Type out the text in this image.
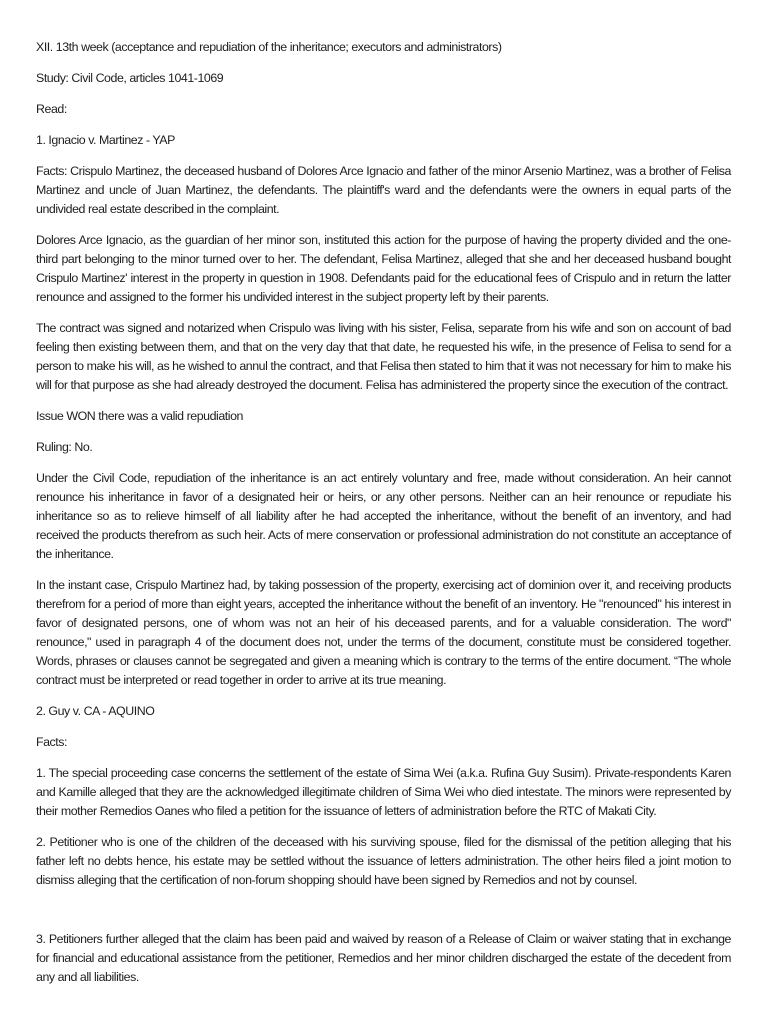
XII. 13th week (acceptance and repudiation of the inheritance; executors and administrators)

Study: Civil Code, articles 1041-1069

Read:

1. Ignacio v. Martinez - YAP

Facts: Crispulo Martinez, the deceased husband of Dolores Arce Ignacio and father of the minor Arsenio Martinez, was a brother of Felisa Martinez and uncle of Juan Martinez, the defendants. The plaintiff's ward and the defendants were the owners in equal parts of the undivided real estate described in the complaint.

Dolores Arce Ignacio, as the guardian of her minor son, instituted this action for the purpose of having the property divided and the one-third part belonging to the minor turned over to her. The defendant, Felisa Martinez, alleged that she and her deceased husband bought Crispulo Martinez' interest in the property in question in 1908. Defendants paid for the educational fees of Crispulo and in return the latter renounce and assigned to the former his undivided interest in the subject property left by their parents.

The contract was signed and notarized when Crispulo was living with his sister, Felisa, separate from his wife and son on account of bad feeling then existing between them, and that on the very day that that date, he requested his wife, in the presence of Felisa to send for a person to make his will, as he wished to annul the contract, and that Felisa then stated to him that it was not necessary for him to make his will for that purpose as she had already destroyed the document. Felisa has administered the property since the execution of the contract.

Issue WON there was a valid repudiation

Ruling: No.

Under the Civil Code, repudiation of the inheritance is an act entirely voluntary and free, made without consideration. An heir cannot renounce his inheritance in favor of a designated heir or heirs, or any other persons. Neither can an heir renounce or repudiate his inheritance so as to relieve himself of all liability after he had accepted the inheritance, without the benefit of an inventory, and had received the products therefrom as such heir. Acts of mere conservation or professional administration do not constitute an acceptance of the inheritance.

In the instant case, Crispulo Martinez had, by taking possession of the property, exercising act of dominion over it, and receiving products therefrom for a period of more than eight years, accepted the inheritance without the benefit of an inventory. He "renounced" his interest in favor of designated persons, one of whom was not an heir of his deceased parents, and for a valuable consideration. The word" renounce," used in paragraph 4 of the document does not, under the terms of the document, constitute must be considered together. Words, phrases or clauses cannot be segregated and given a meaning which is contrary to the terms of the entire document. “The whole contract must be interpreted or read together in order to arrive at its true meaning.

2. Guy v. CA - AQUINO

Facts:

1. The special proceeding case concerns the settlement of the estate of Sima Wei (a.k.a. Rufina Guy Susim). Private-respondents Karen and Kamille alleged that they are the acknowledged illegitimate children of Sima Wei who died intestate. The minors were represented by their mother Remedios Oanes who filed a petition for the issuance of letters of administration before the RTC of Makati City.

2. Petitioner who is one of the children of the deceased with his surviving spouse, filed for the dismissal of the petition alleging that his father left no debts hence, his estate may be settled without the issuance of letters administration. The other heirs filed a joint motion to dismiss alleging that the certification of non-forum shopping should have been signed by Remedios and not by counsel.

3. Petitioners further alleged that the claim has been paid and waived by reason of a Release of Claim or waiver stating that in exchange for financial and educational assistance from the petitioner, Remedios and her minor children discharged the estate of the decedent from any and all liabilities.
